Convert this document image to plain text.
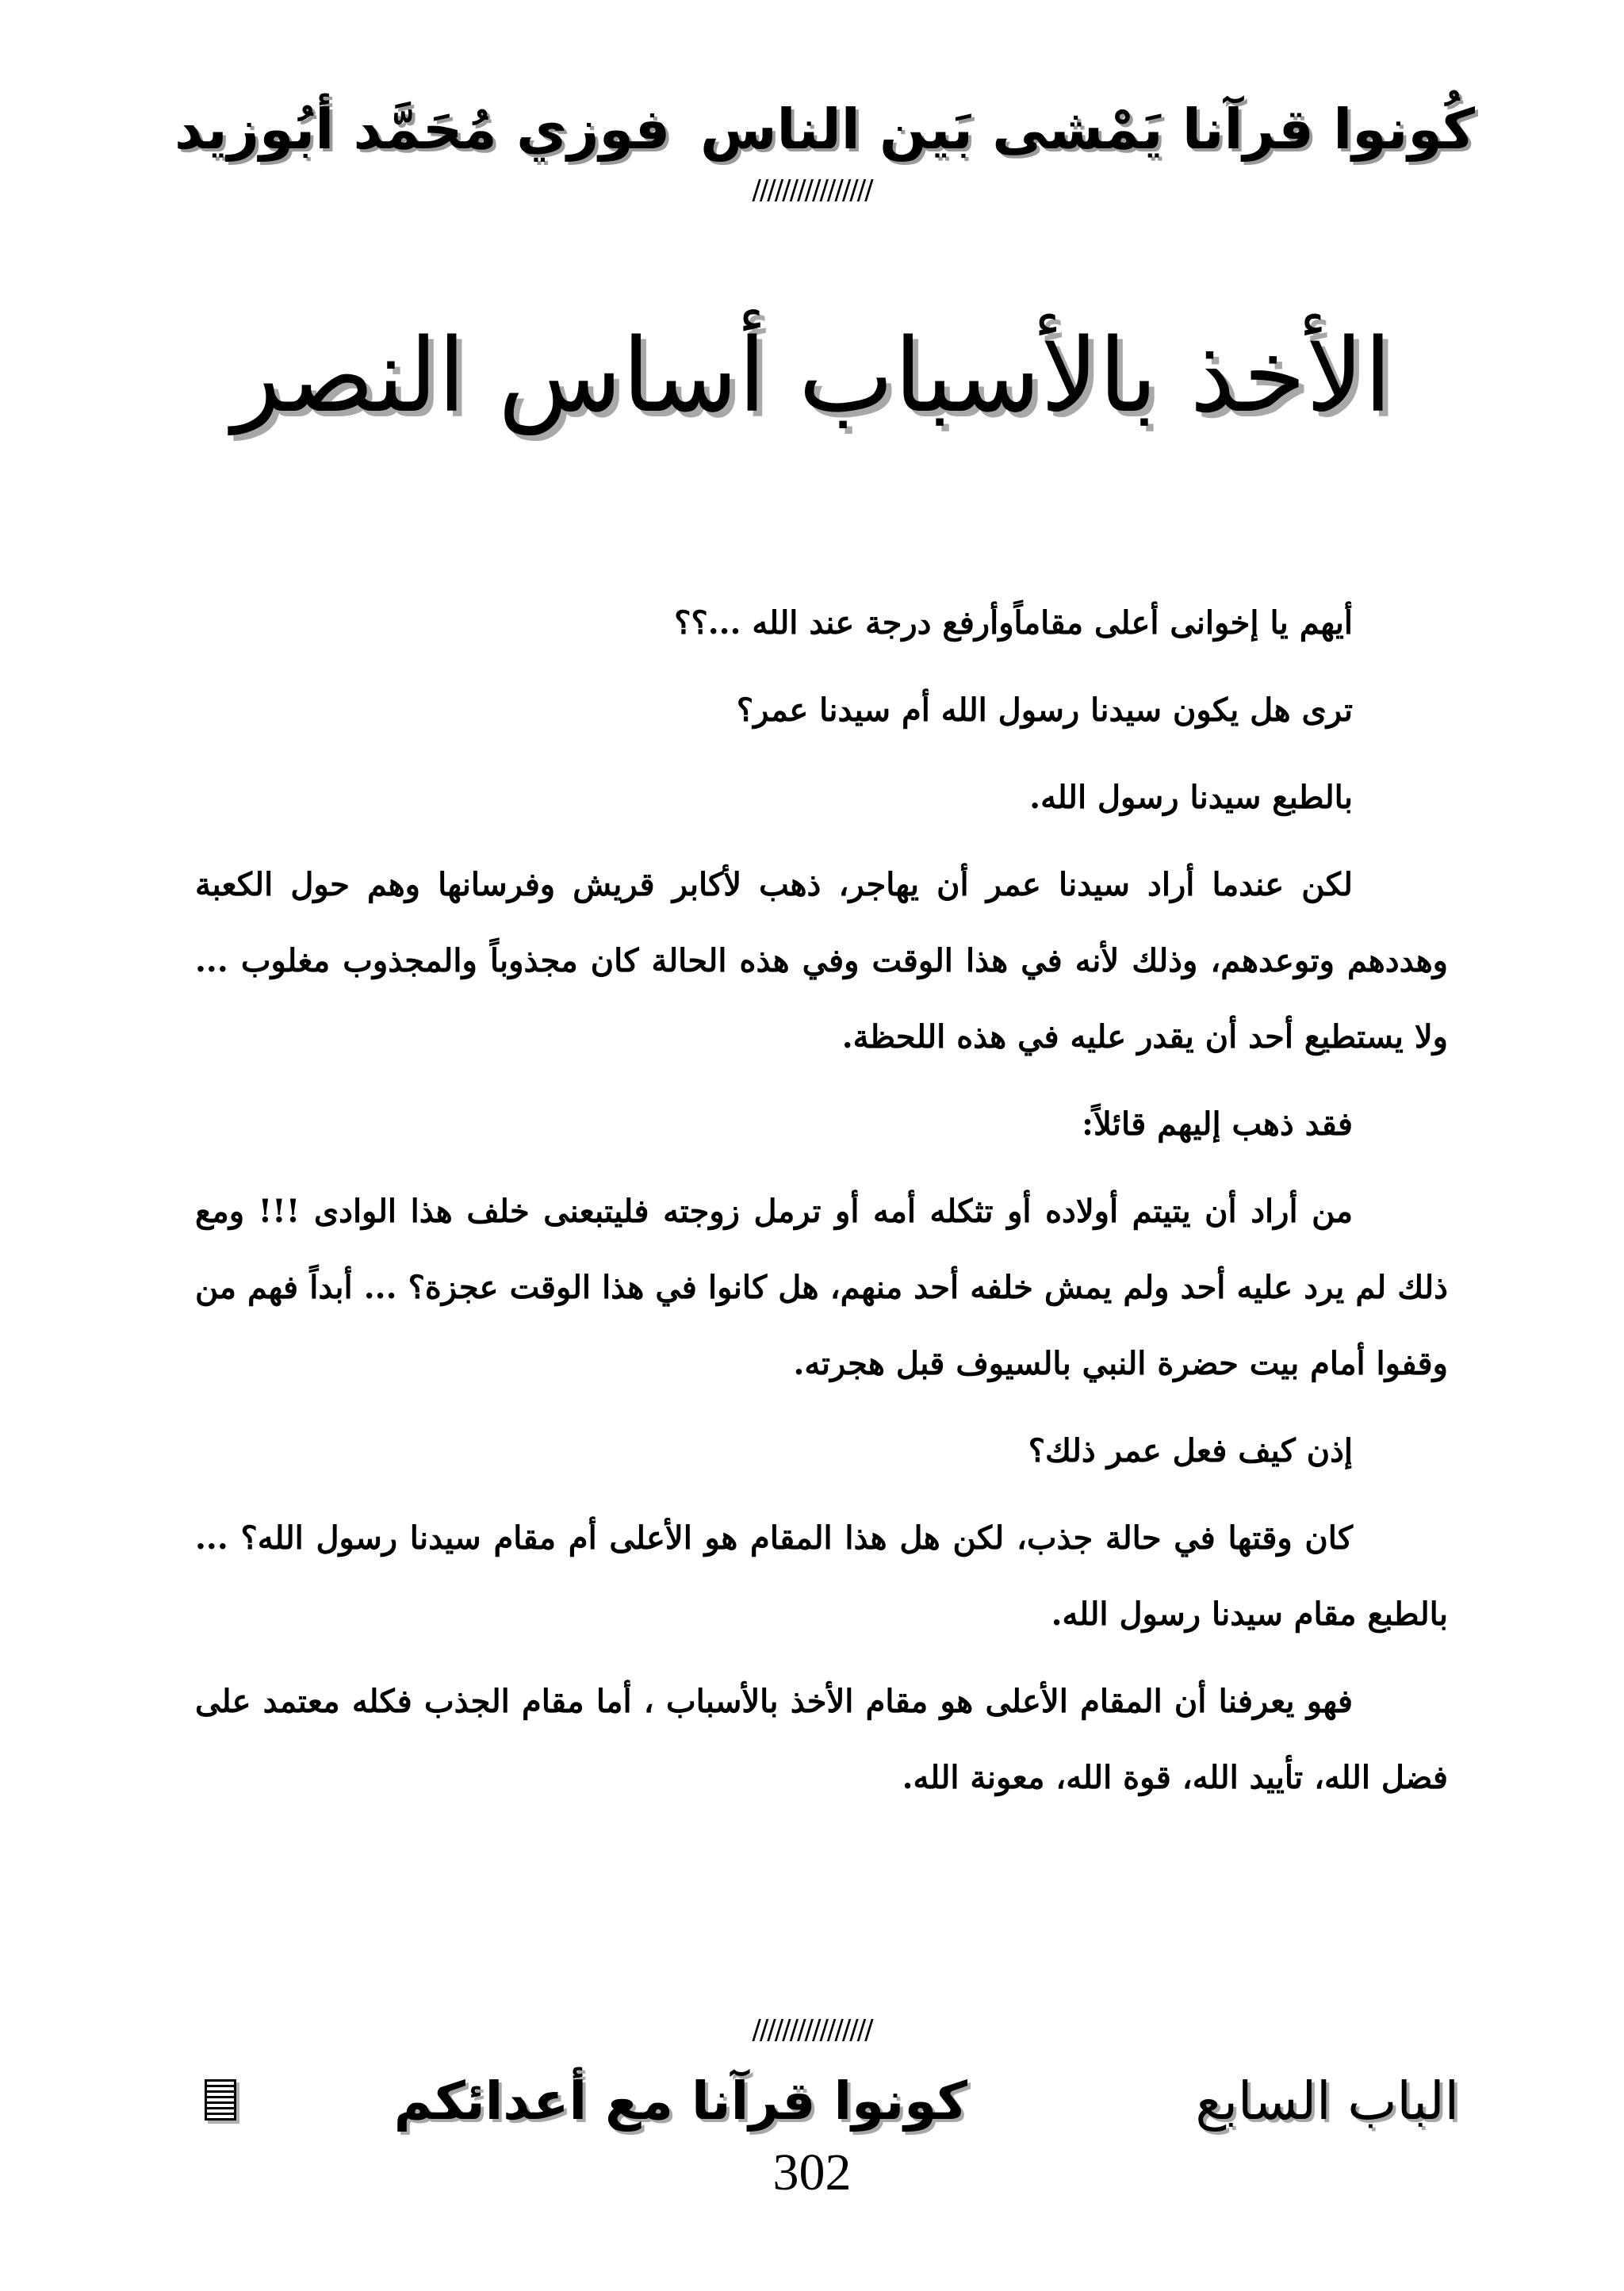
كُونوا قرآنا يَمْشى بَين الناس
فوزي مُحَمَّد أبُوزيد
////////////////
الأخذ بالأسباب أساس النصر

أيهم يا إخوانى أعلى مقاماًوأرفع درجة عند الله ...؟؟

ترى هل يكون سيدنا رسول الله أم سيدنا عمر؟

بالطبع سيدنا رسول الله.

لكن عندما أراد سيدنا عمر أن يهاجر، ذهب لأكابر قريش وفرسانها وهم حول الكعبة وهددهم وتوعدهم، وذلك لأنه في هذا الوقت وفي هذه الحالة كان مجذوباً والمجذوب مغلوب ... ولا يستطيع أحد أن يقدر عليه في هذه اللحظة.

فقد ذهب إليهم قائلاً:

من أراد أن يتيتم أولاده أو تثكله أمه أو ترمل زوجته فليتبعنى خلف هذا الوادى !!! ومع ذلك لم يرد عليه أحد ولم يمش خلفه أحد منهم، هل كانوا في هذا الوقت عجزة؟ ... أبداً فهم من وقفوا أمام بيت حضرة النبي بالسيوف قبل هجرته.

إذن كيف فعل عمر ذلك؟

كان وقتها في حالة جذب، لكن هل هذا المقام هو الأعلى أم مقام سيدنا رسول الله؟ ... بالطبع مقام سيدنا رسول الله.

فهو يعرفنا أن المقام الأعلى هو مقام الأخذ بالأسباب ، أما مقام الجذب فكله معتمد على فضل الله، تأييد الله، قوة الله، معونة الله.

////////////////
الباب السابع
كونوا قرآنا مع أعدائكم
302
